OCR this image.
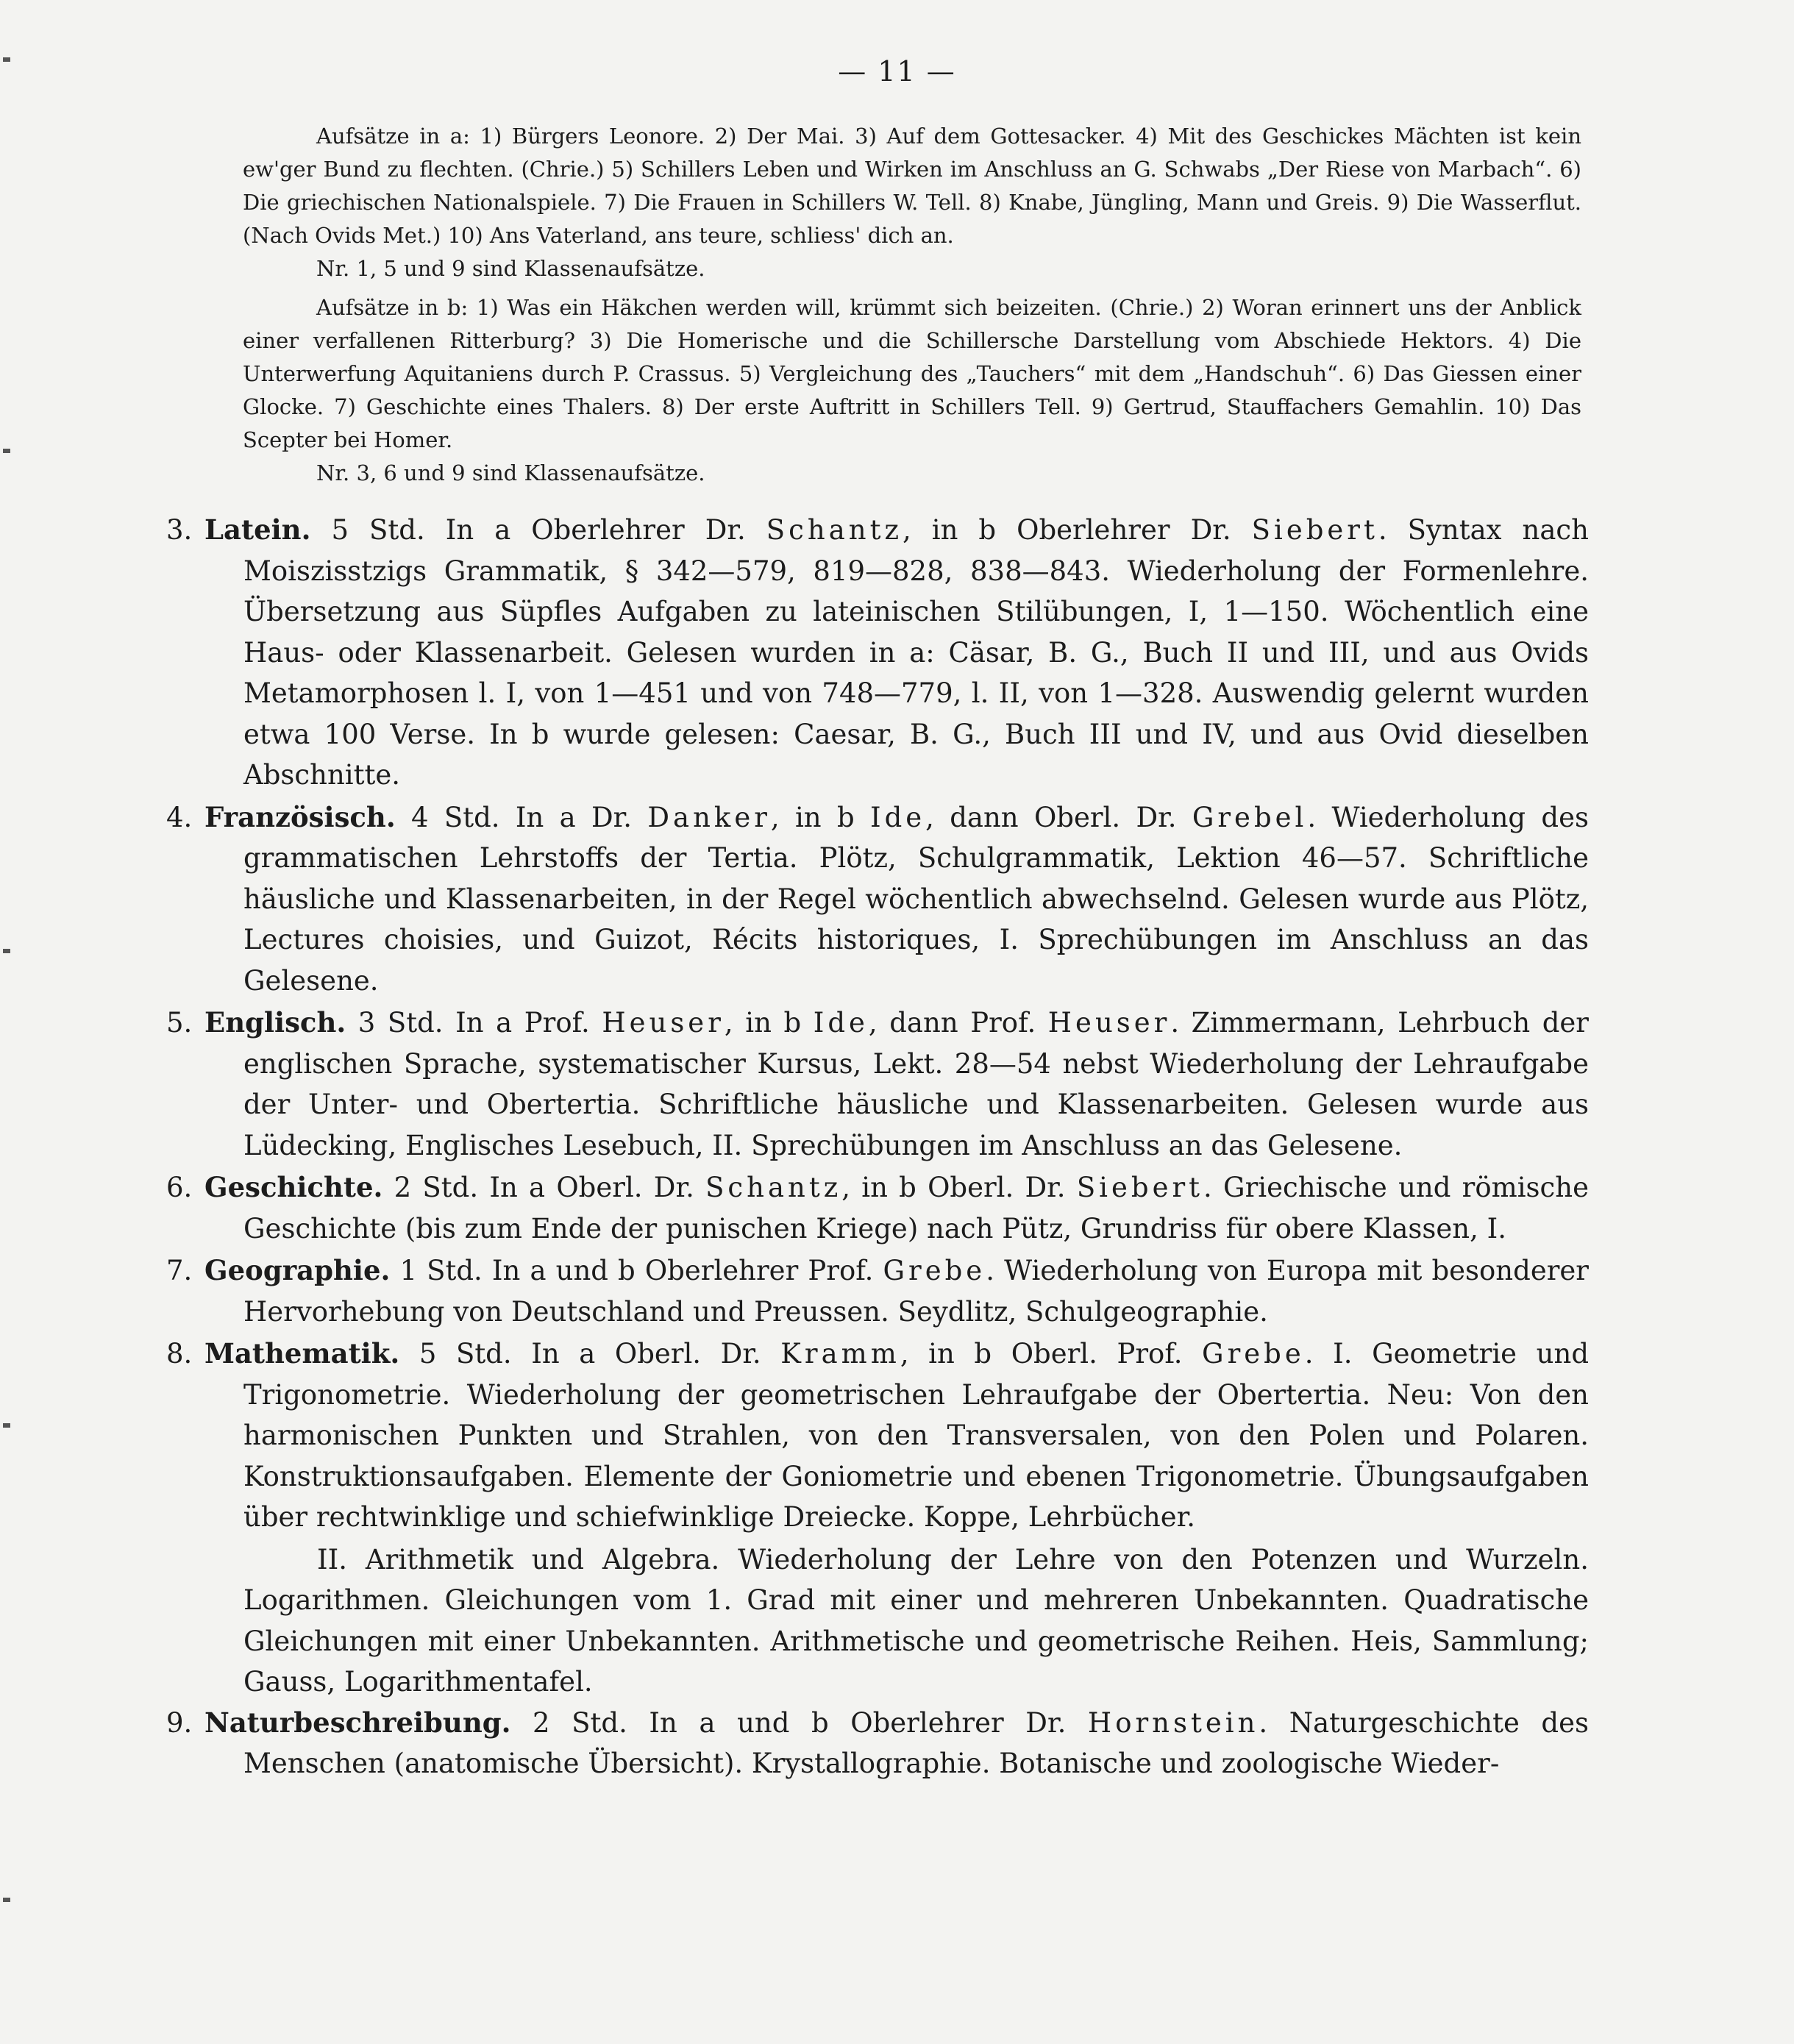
— 11 —

Aufsätze in a: 1) Bürgers Leonore. 2) Der Mai. 3) Auf dem Gottesacker. 4) Mit des Geschickes Mächten ist kein ew'ger Bund zu flechten. (Chrie.) 5) Schillers Leben und Wirken im Anschluss an G. Schwabs „Der Riese von Marbach“. 6) Die griechischen Nationalspiele. 7) Die Frauen in Schillers W. Tell. 8) Knabe, Jüngling, Mann und Greis. 9) Die Wasserflut. (Nach Ovids Met.) 10) Ans Vaterland, ans teure, schliess' dich an.

Nr. 1, 5 und 9 sind Klassenaufsätze.

Aufsätze in b: 1) Was ein Häkchen werden will, krümmt sich beizeiten. (Chrie.) 2) Woran erinnert uns der Anblick einer verfallenen Ritterburg? 3) Die Homerische und die Schillersche Darstellung vom Abschiede Hektors. 4) Die Unterwerfung Aquitaniens durch P. Crassus. 5) Vergleichung des „Tauchers“ mit dem „Handschuh“. 6) Das Giessen einer Glocke. 7) Geschichte eines Thalers. 8) Der erste Auftritt in Schillers Tell. 9) Gertrud, Stauffachers Gemahlin. 10) Das Scepter bei Homer.

Nr. 3, 6 und 9 sind Klassenaufsätze.

3. Latein. 5 Std. In a Oberlehrer Dr. Schantz, in b Oberlehrer Dr. Siebert. Syntax nach Moiszisstzigs Grammatik, § 342—579, 819—828, 838—843. Wiederholung der Formenlehre. Übersetzung aus Süpfles Aufgaben zu lateinischen Stilübungen, I, 1—150. Wöchentlich eine Haus- oder Klassenarbeit. Gelesen wurden in a: Cäsar, B. G., Buch II und III, und aus Ovids Metamorphosen l. I, von 1—451 und von 748—779, l. II, von 1—328. Auswendig gelernt wurden etwa 100 Verse. In b wurde gelesen: Caesar, B. G., Buch III und IV, und aus Ovid dieselben Abschnitte.

4. Französisch. 4 Std. In a Dr. Danker, in b Ide, dann Oberl. Dr. Grebel. Wiederholung des grammatischen Lehrstoffs der Tertia. Plötz, Schulgrammatik, Lektion 46—57. Schriftliche häusliche und Klassenarbeiten, in der Regel wöchentlich abwechselnd. Gelesen wurde aus Plötz, Lectures choisies, und Guizot, Récits historiques, I. Sprechübungen im Anschluss an das Gelesene.

5. Englisch. 3 Std. In a Prof. Heuser, in b Ide, dann Prof. Heuser. Zimmermann, Lehrbuch der englischen Sprache, systematischer Kursus, Lekt. 28—54 nebst Wiederholung der Lehraufgabe der Unter- und Obertertia. Schriftliche häusliche und Klassenarbeiten. Gelesen wurde aus Lüdecking, Englisches Lesebuch, II. Sprechübungen im Anschluss an das Gelesene.

6. Geschichte. 2 Std. In a Oberl. Dr. Schantz, in b Oberl. Dr. Siebert. Griechische und römische Geschichte (bis zum Ende der punischen Kriege) nach Pütz, Grundriss für obere Klassen, I.

7. Geographie. 1 Std. In a und b Oberlehrer Prof. Grebe. Wiederholung von Europa mit besonderer Hervorhebung von Deutschland und Preussen. Seydlitz, Schulgeographie.

8. Mathematik. 5 Std. In a Oberl. Dr. Kramm, in b Oberl. Prof. Grebe. I. Geometrie und Trigonometrie. Wiederholung der geometrischen Lehraufgabe der Obertertia. Neu: Von den harmonischen Punkten und Strahlen, von den Transversalen, von den Polen und Polaren. Konstruktionsaufgaben. Elemente der Goniometrie und ebenen Trigonometrie. Übungsaufgaben über rechtwinklige und schiefwinklige Dreiecke. Koppe, Lehrbücher.

II. Arithmetik und Algebra. Wiederholung der Lehre von den Potenzen und Wurzeln. Logarithmen. Gleichungen vom 1. Grad mit einer und mehreren Unbekannten. Quadratische Gleichungen mit einer Unbekannten. Arithmetische und geometrische Reihen. Heis, Sammlung; Gauss, Logarithmentafel.

9. Naturbeschreibung. 2 Std. In a und b Oberlehrer Dr. Hornstein. Naturgeschichte des Menschen (anatomische Übersicht). Krystallographie. Botanische und zoologische Wieder-
